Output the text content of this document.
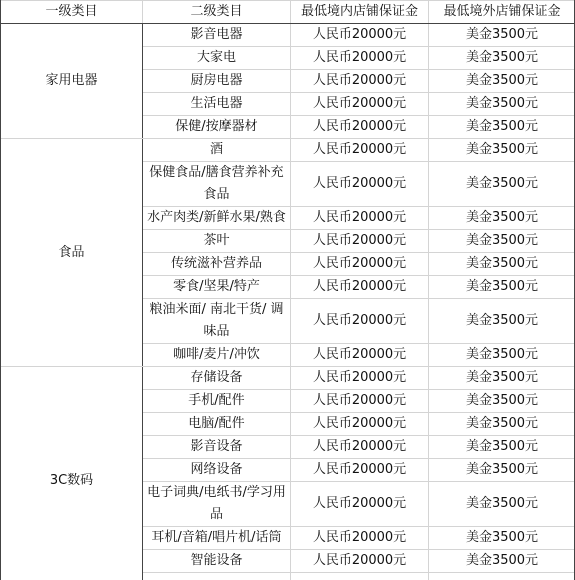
一级类目	二级类目	最低境内店铺保证金	最低境外店铺保证金
家用电器	影音电器	人民币20000元	美金3500元
	大家电	人民币20000元	美金3500元
	厨房电器	人民币20000元	美金3500元
	生活电器	人民币20000元	美金3500元
	保健/按摩器材	人民币20000元	美金3500元
食品	酒	人民币20000元	美金3500元
	保健食品/膳食营养补充食品	人民币20000元	美金3500元
	水产肉类/新鲜水果/熟食	人民币20000元	美金3500元
	茶叶	人民币20000元	美金3500元
	传统滋补营养品	人民币20000元	美金3500元
	零食/坚果/特产	人民币20000元	美金3500元
	粮油米面/ 南北干货/ 调味品	人民币20000元	美金3500元
	咖啡/麦片/冲饮	人民币20000元	美金3500元
3C数码	存储设备	人民币20000元	美金3500元
	手机/配件	人民币20000元	美金3500元
	电脑/配件	人民币20000元	美金3500元
	影音设备	人民币20000元	美金3500元
	网络设备	人民币20000元	美金3500元
	电子词典/电纸书/学习用品	人民币20000元	美金3500元
	耳机/音箱/唱片机/话筒	人民币20000元	美金3500元
	智能设备	人民币20000元	美金3500元
